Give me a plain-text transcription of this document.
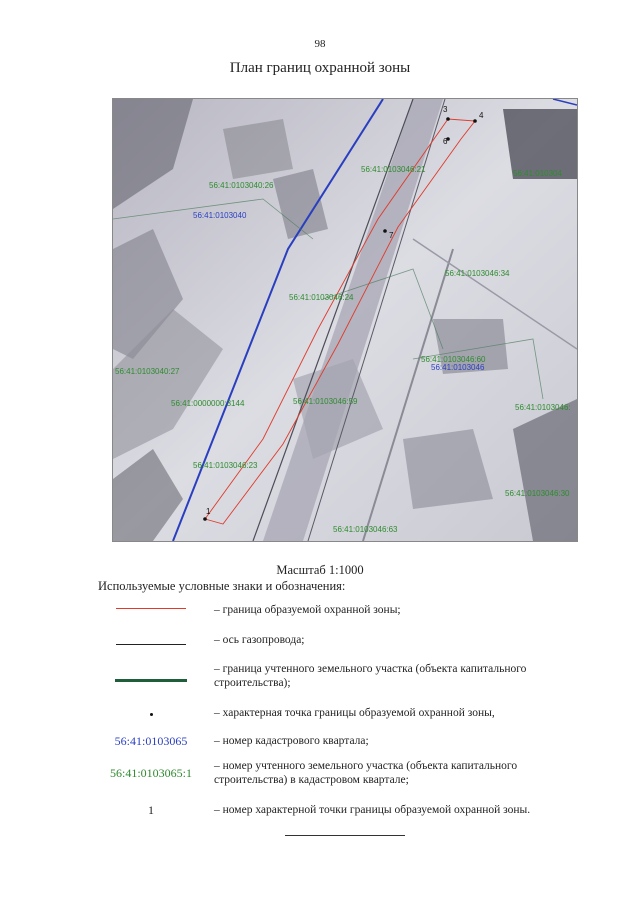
98
План границ охранной зоны
56:41:0103040
56:41:0103046
56:41:0103040:26
56:41:0103046:21
56:41:0103046:34
56:41:0103046:24
56:41:0103046:60
56:41:0103040:27
56:41:0000000:3144	56:41:0103046:59
56:41:0103046:
56:41:0103046:23
56:41:0103046:30
56:41:0103046:63
56:41:010304
1
3
4
6
7
Масштаб 1:1000
Используемые условные знаки и обозначения:
– граница образуемой охранной зоны;
– ось газопровода;
– граница учтенного земельного участка (объекта капитального строительства);
– характерная точка границы образуемой охранной зоны,
56:41:0103065	– номер кадастрового квартала;
56:41:0103065:1	– номер учтенного земельного участка (объекта капитального строительства) в кадастровом квартале;
1	– номер характерной точки границы образуемой охранной зоны.
